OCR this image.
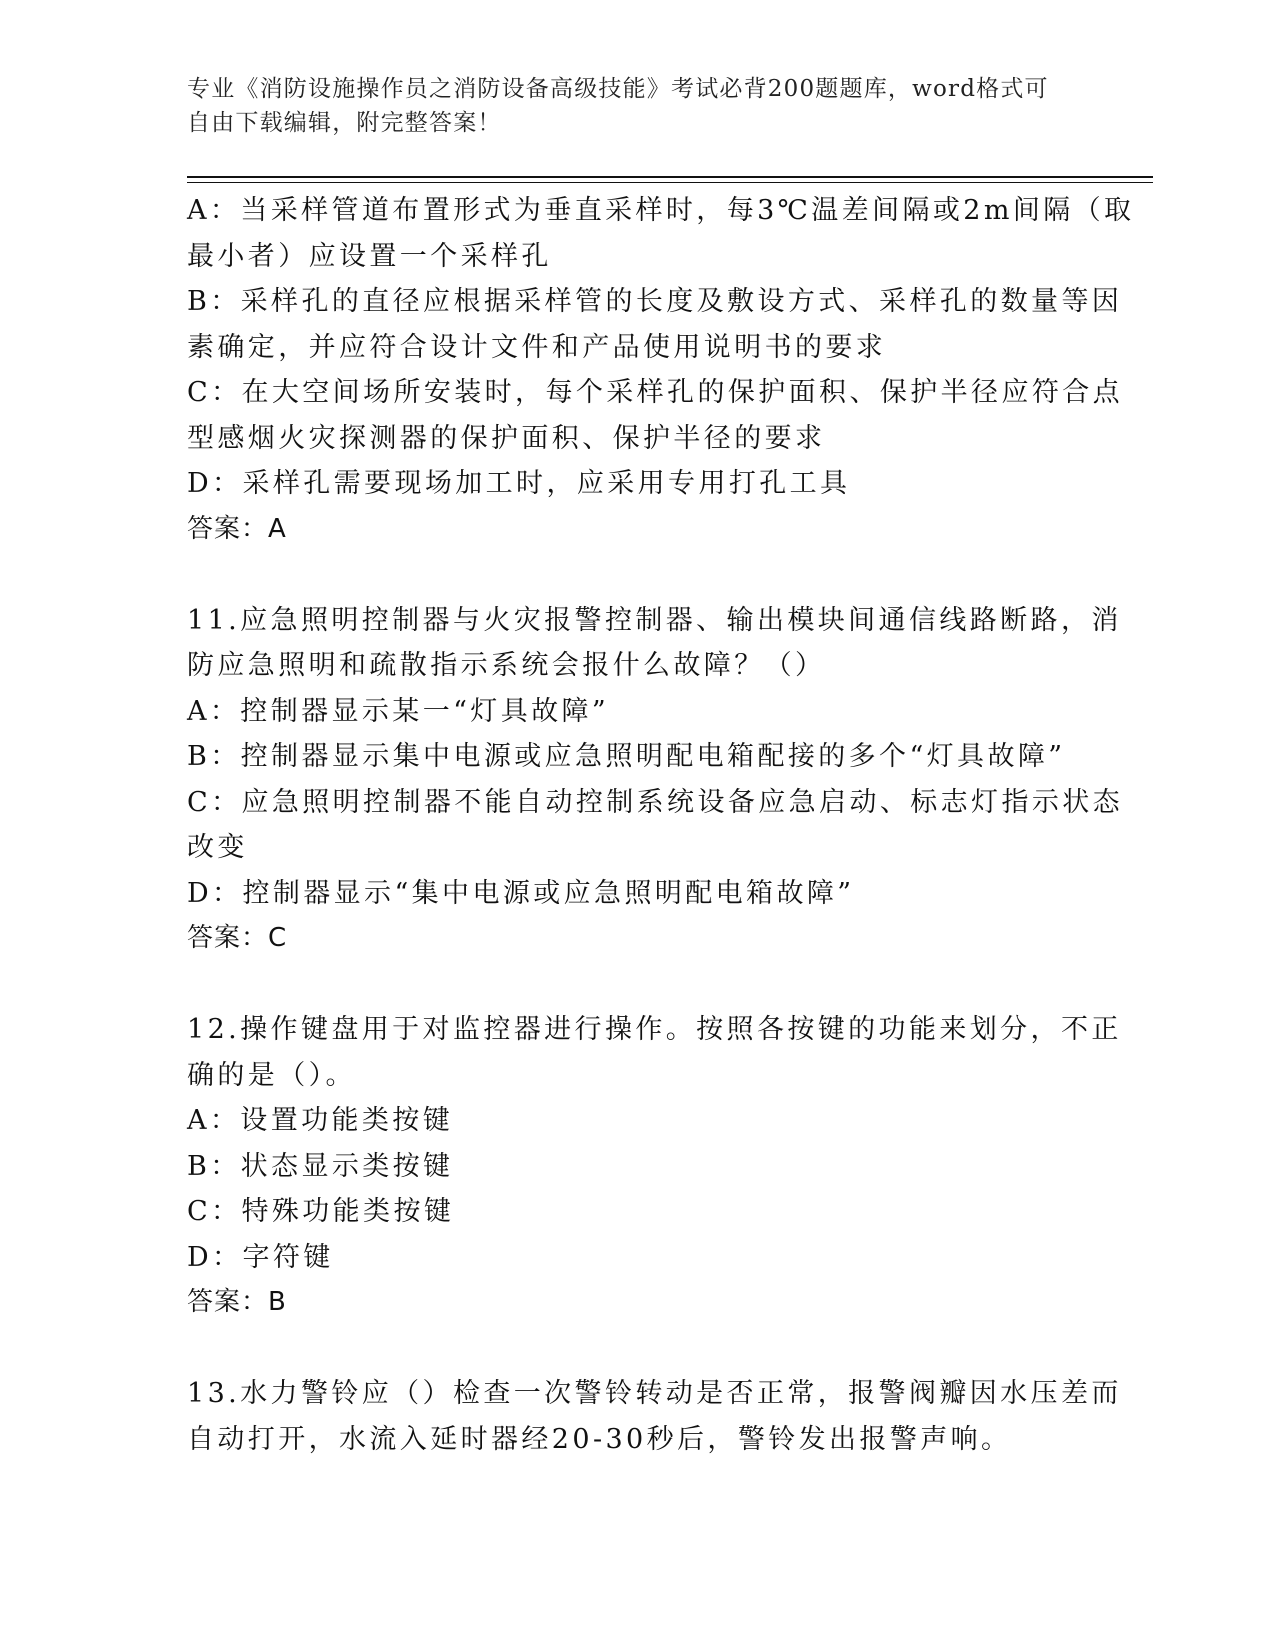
专业《消防设施操作员之消防设备高级技能》考试必背200题题库，word格式可
自由下载编辑，附完整答案！
A：当采样管道布置形式为垂直采样时，每3℃温差间隔或2m间隔（取
最小者）应设置一个采样孔
B：采样孔的直径应根据采样管的长度及敷设方式、采样孔的数量等因
素确定，并应符合设计文件和产品使用说明书的要求
C：在大空间场所安装时，每个采样孔的保护面积、保护半径应符合点
型感烟火灾探测器的保护面积、保护半径的要求
D：采样孔需要现场加工时，应采用专用打孔工具
答案：A
11.应急照明控制器与火灾报警控制器、输出模块间通信线路断路，消
防应急照明和疏散指示系统会报什么故障？（）
A：控制器显示某一“灯具故障”
B：控制器显示集中电源或应急照明配电箱配接的多个“灯具故障”
C：应急照明控制器不能自动控制系统设备应急启动、标志灯指示状态
改变
D：控制器显示“集中电源或应急照明配电箱故障”
答案：C
12.操作键盘用于对监控器进行操作。按照各按键的功能来划分，不正
确的是（）。
A：设置功能类按键
B：状态显示类按键
C：特殊功能类按键
D：字符键
答案：B
13.水力警铃应（）检查一次警铃转动是否正常，报警阀瓣因水压差而
自动打开，水流入延时器经20-30秒后，警铃发出报警声响。
